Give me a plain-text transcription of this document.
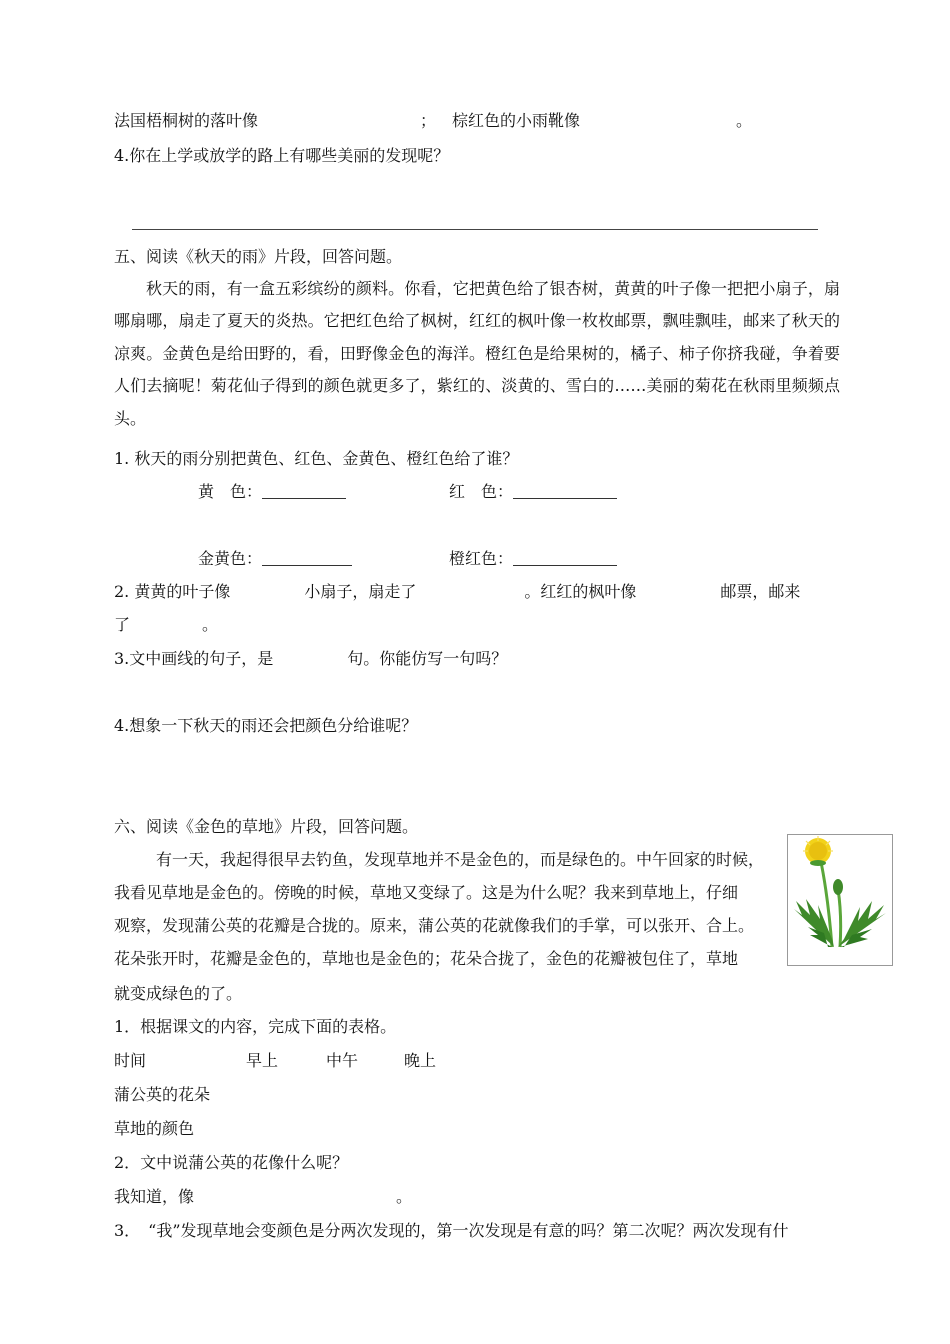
法国梧桐树的落叶像	； 棕红色的小雨靴像	。
4.你在上学或放学的路上有哪些美丽的发现呢？
五、阅读《秋天的雨》片段，回答问题。
秋天的雨，有一盒五彩缤纷的颜料。你看，它把黄色给了银杏树，黄黄的叶子像一把把小扇子，扇哪扇哪，扇走了夏天的炎热。它把红色给了枫树，红红的枫叶像一枚枚邮票，飘哇飘哇，邮来了秋天的凉爽。金黄色是给田野的，看，田野像金色的海洋。橙红色是给果树的，橘子、柿子你挤我碰，争着要人们去摘呢！菊花仙子得到的颜色就更多了，紫红的、淡黄的、雪白的……美丽的菊花在秋雨里频频点头。
1. 秋天的雨分别把黄色、红色、金黄色、橙红色给了谁？
黄　色：	红　色：
金黄色：	橙红色：
2. 黄黄的叶子像	小扇子，扇走了	。红红的枫叶像	邮票，邮来
了	。
3.文中画线的句子，是	句。你能仿写一句吗？
4.想象一下秋天的雨还会把颜色分给谁呢？
六、阅读《金色的草地》片段，回答问题。
有一天，我起得很早去钓鱼，发现草地并不是金色的，而是绿色的。中午回家的时候，
我看见草地是金色的。傍晚的时候，草地又变绿了。这是为什么呢？我来到草地上，仔细
观察，发现蒲公英的花瓣是合拢的。原来，蒲公英的花就像我们的手掌，可以张开、合上。
花朵张开时，花瓣是金色的，草地也是金色的；花朵合拢了，金色的花瓣被包住了，草地
就变成绿色的了。
1．根据课文的内容，完成下面的表格。
时间	早上	中午	晚上
蒲公英的花朵
草地的颜色
2．文中说蒲公英的花像什么呢？
我知道，像	。
3．　“我”发现草地会变颜色是分两次发现的，第一次发现是有意的吗？第二次呢？两次发现有什
